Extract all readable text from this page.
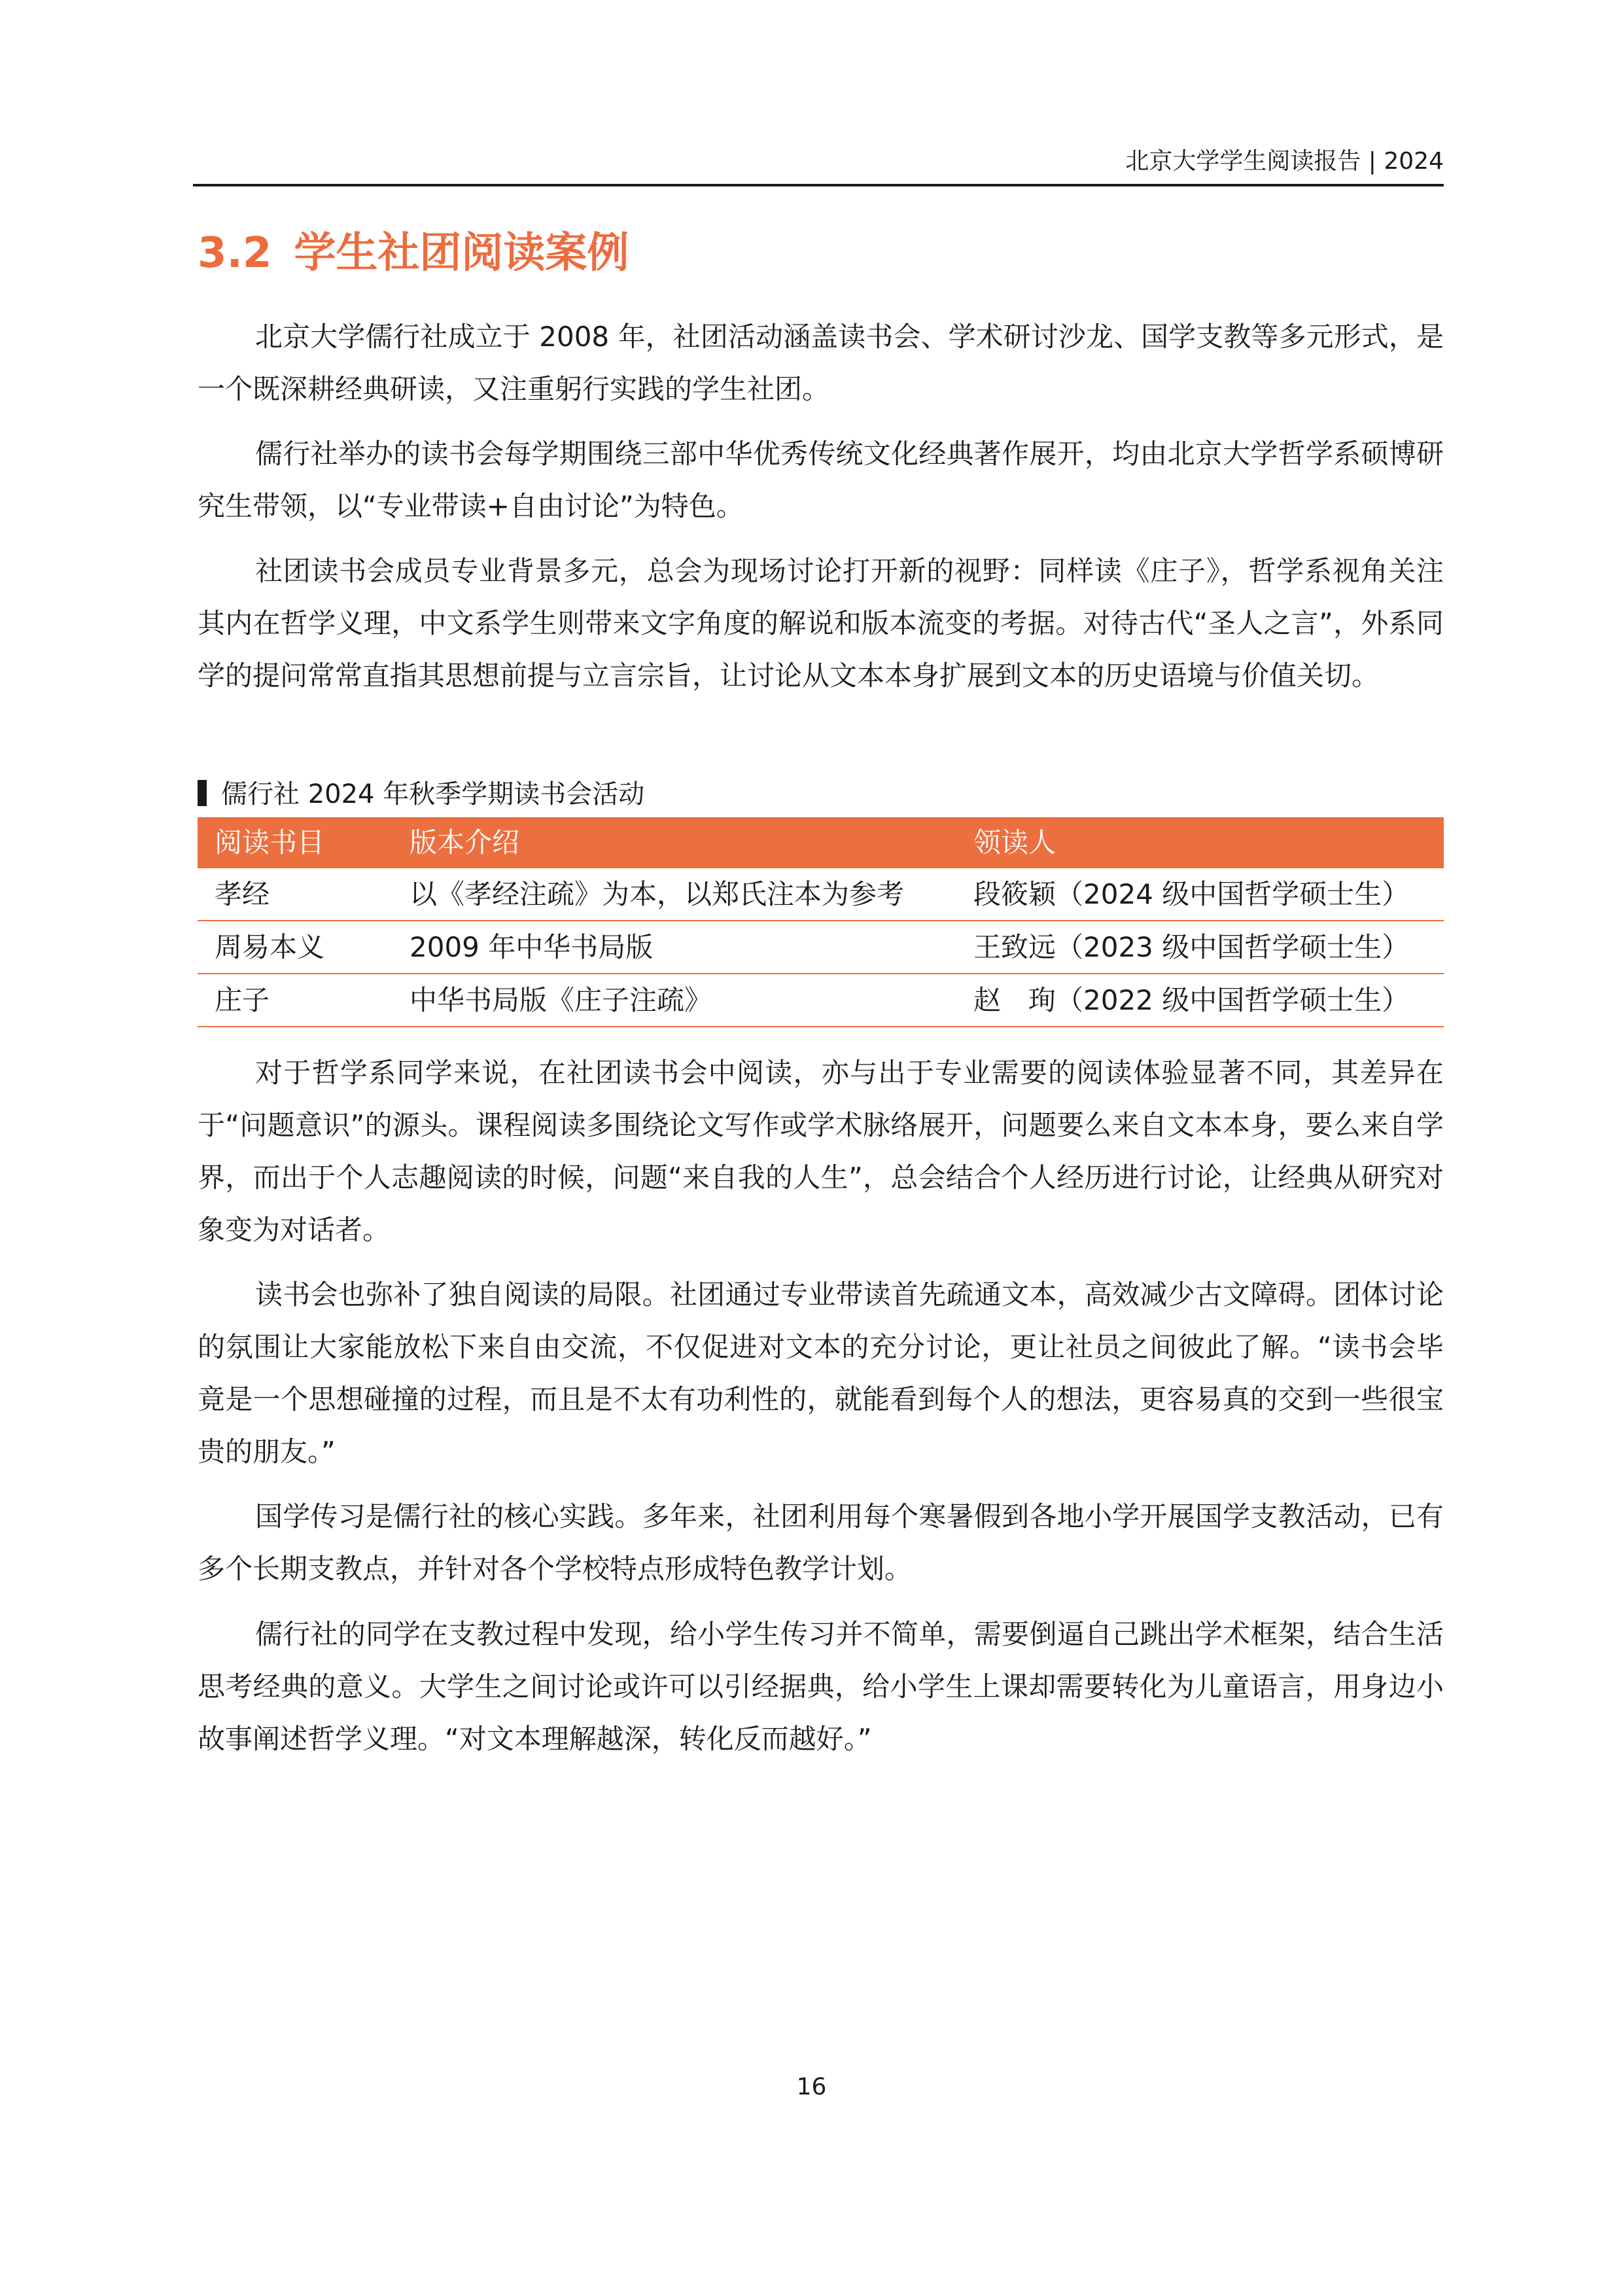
北京大学学生阅读报告 | 2024
3.2 学生社团阅读案例

北京大学儒行社成立于 2008 年，社团活动涵盖读书会、学术研讨沙龙、国学支教等多元形式，是一个既深耕经典研读，又注重躬行实践的学生社团。

儒行社举办的读书会每学期围绕三部中华优秀传统文化经典著作展开，均由北京大学哲学系硕博研究生带领，以“专业带读+自由讨论”为特色。

社团读书会成员专业背景多元，总会为现场讨论打开新的视野：同样读《庄子》，哲学系视角关注其内在哲学义理，中文系学生则带来文字角度的解说和版本流变的考据。对待古代“圣人之言”，外系同学的提问常常直指其思想前提与立言宗旨，让讨论从文本本身扩展到文本的历史语境与价值关切。

儒行社 2024 年秋季学期读书会活动
阅读书目	版本介绍	领读人
孝经	以《孝经注疏》为本，以郑氏注本为参考	段筱颖（2024 级中国哲学硕士生）
周易本义	2009 年中华书局版	王致远（2023 级中国哲学硕士生）
庄子	中华书局版《庄子注疏》	赵　珣（2022 级中国哲学硕士生）

对于哲学系同学来说，在社团读书会中阅读，亦与出于专业需要的阅读体验显著不同，其差异在于“问题意识”的源头。课程阅读多围绕论文写作或学术脉络展开，问题要么来自文本本身，要么来自学界，而出于个人志趣阅读的时候，问题“来自我的人生”，总会结合个人经历进行讨论，让经典从研究对象变为对话者。

读书会也弥补了独自阅读的局限。社团通过专业带读首先疏通文本，高效减少古文障碍。团体讨论的氛围让大家能放松下来自由交流，不仅促进对文本的充分讨论，更让社员之间彼此了解。“读书会毕竟是一个思想碰撞的过程，而且是不太有功利性的，就能看到每个人的想法，更容易真的交到一些很宝贵的朋友。”

国学传习是儒行社的核心实践。多年来，社团利用每个寒暑假到各地小学开展国学支教活动，已有多个长期支教点，并针对各个学校特点形成特色教学计划。

儒行社的同学在支教过程中发现，给小学生传习并不简单，需要倒逼自己跳出学术框架，结合生活思考经典的意义。大学生之间讨论或许可以引经据典，给小学生上课却需要转化为儿童语言，用身边小故事阐述哲学义理。“对文本理解越深，转化反而越好。”

16
